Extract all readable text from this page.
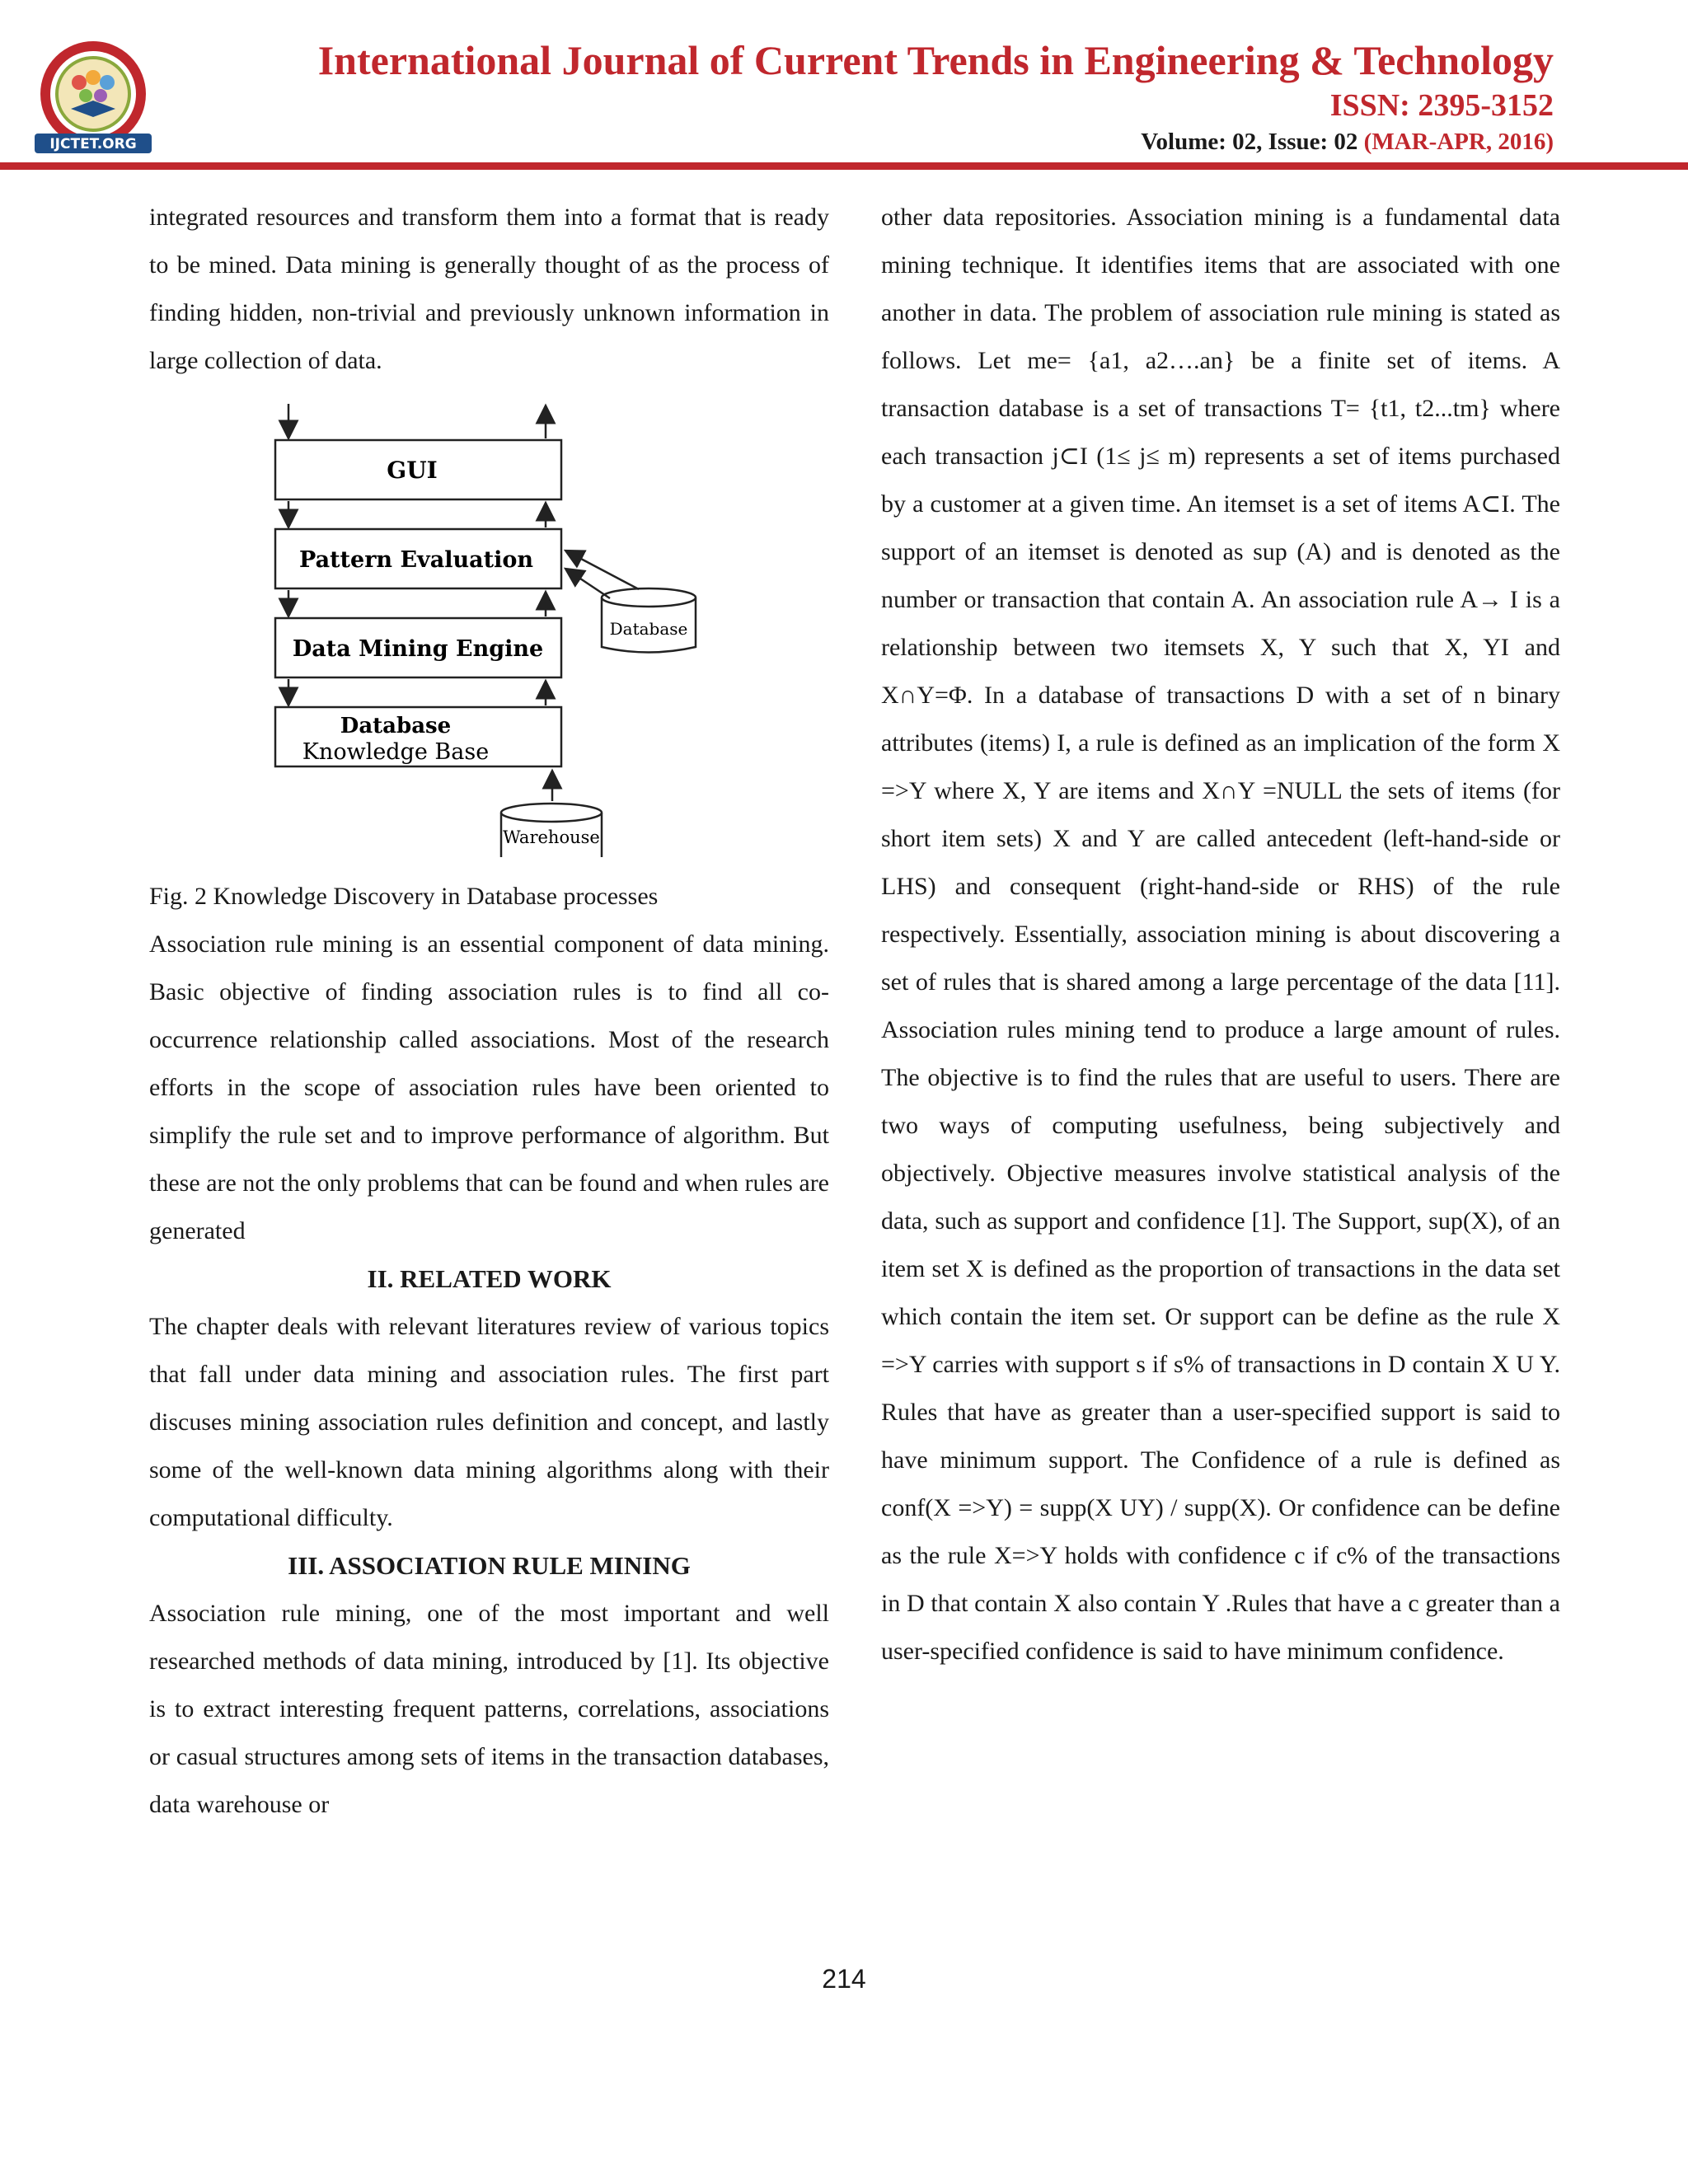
IJCTET.ORG
International Journal of Current Trends in Engineering & Technology
ISSN: 2395-3152
Volume: 02, Issue: 02 (MAR-APR, 2016)

integrated resources and transform them into a format that is ready to be mined. Data mining is generally thought of as the process of finding hidden, non-trivial and previously unknown information in large collection of data.

Fig. 2 Knowledge Discovery in Database processes

Association rule mining is an essential component of data mining. Basic objective of finding association rules is to find all co-occurrence relationship called associations. Most of the research efforts in the scope of association rules have been oriented to simplify the rule set and to improve performance of algorithm. But these are not the only problems that can be found and when rules are generated

II. RELATED WORK

The chapter deals with relevant literatures review of various topics that fall under data mining and association rules. The first part discuses mining association rules definition and concept, and lastly some of the well-known data mining algorithms along with their computational difficulty.

III. ASSOCIATION RULE MINING

Association rule mining, one of the most important and well researched methods of data mining, introduced by [1]. Its objective is to extract interesting frequent patterns, correlations, associations or casual structures among sets of items in the transaction databases, data warehouse or

GUI
Pattern Evaluation
Data Mining Engine
Database
Knowledge Base
Database
Warehouse

other data repositories. Association mining is a fundamental data mining technique. It identifies items that are associated with one another in data. The problem of association rule mining is stated as follows. Let me= {a1, a2….an} be a finite set of items. A transaction database is a set of transactions T= {t1, t2...tm} where each transaction j⊂I (1≤ j≤ m) represents a set of items purchased by a customer at a given time. An itemset is a set of items A⊂I. The support of an itemset is denoted as sup (A) and is denoted as the number or transaction that contain A. An association rule A→ I is a relationship between two itemsets X, Y such that X, YI and X∩Y=Φ. In a database of transactions D with a set of n binary attributes (items) I, a rule is defined as an implication of the form X =>Y where X, Y are items and X∩Y =NULL the sets of items (for short item sets) X and Y are called antecedent (left-hand-side or LHS) and consequent (right-hand-side or RHS) of the rule respectively. Essentially, association mining is about discovering a set of rules that is shared among a large percentage of the data [11]. Association rules mining tend to produce a large amount of rules. The objective is to find the rules that are useful to users. There are two ways of computing usefulness, being subjectively and objectively. Objective measures involve statistical analysis of the data, such as support and confidence [1]. The Support, sup(X), of an item set X is defined as the proportion of transactions in the data set which contain the item set. Or support can be define as the rule X =>Y carries with support s if s% of transactions in D contain X U Y. Rules that have as greater than a user-specified support is said to have minimum support. The Confidence of a rule is defined as conf(X =>Y) = supp(X UY) / supp(X). Or confidence can be define as the rule X=>Y holds with confidence c if c% of the transactions in D that contain X also contain Y .Rules that have a c greater than a user-specified confidence is said to have minimum confidence.

214
